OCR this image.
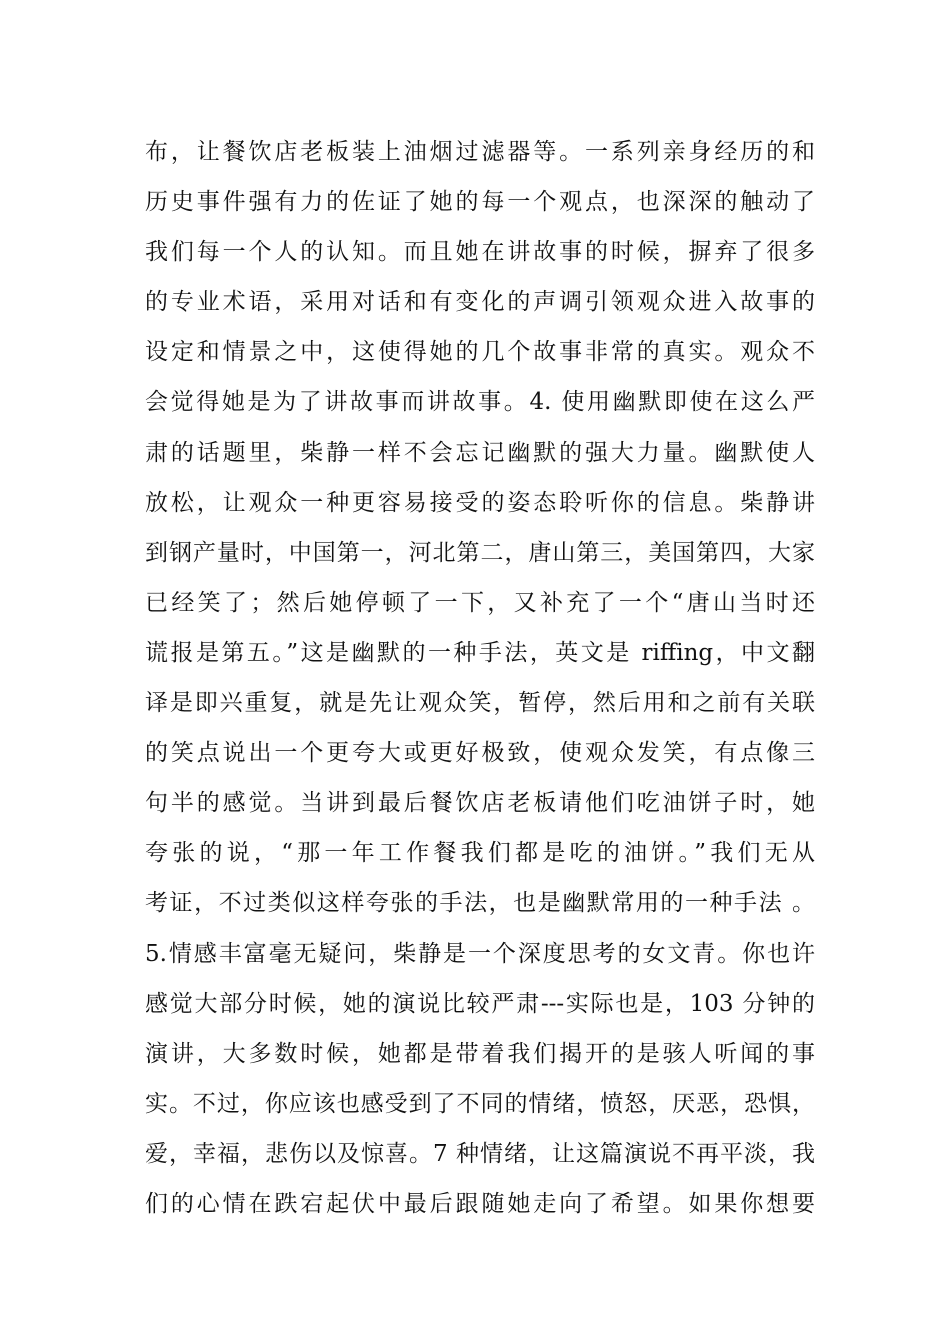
布，让餐饮店老板装上油烟过滤器等。一系列亲身经历的和
历史事件强有力的佐证了她的每一个观点，也深深的触动了
我们每一个人的认知。而且她在讲故事的时候，摒弃了很多
的专业术语，采用对话和有变化的声调引领观众进入故事的
设定和情景之中，这使得她的几个故事非常的真实。观众不
会觉得她是为了讲故事而讲故事。4. 使用幽默即使在这么严
肃的话题里，柴静一样不会忘记幽默的强大力量。幽默使人
放松，让观众一种更容易接受的姿态聆听你的信息。柴静讲
到钢产量时，中国第一，河北第二，唐山第三，美国第四，大家
已经笑了；然后她停顿了一下，又补充了一个“唐山当时还
谎报是第五。”这是幽默的一种手法，英文是 riffing，中文翻
译是即兴重复，就是先让观众笑，暂停，然后用和之前有关联
的笑点说出一个更夸大或更好极致，使观众发笑，有点像三
句半的感觉。当讲到最后餐饮店老板请他们吃油饼子时，她
夸张的说，“那一年工作餐我们都是吃的油饼。”我们无从
考证，不过类似这样夸张的手法，也是幽默常用的一种手法 。
5.情感丰富毫无疑问，柴静是一个深度思考的女文青。你也许
感觉大部分时候，她的演说比较严肃---实际也是，103 分钟的
演讲，大多数时候，她都是带着我们揭开的是骇人听闻的事
实。不过，你应该也感受到了不同的情绪，愤怒，厌恶，恐惧，
爱，幸福，悲伤以及惊喜。7 种情绪，让这篇演说不再平淡，我
们的心情在跌宕起伏中最后跟随她走向了希望。如果你想要
